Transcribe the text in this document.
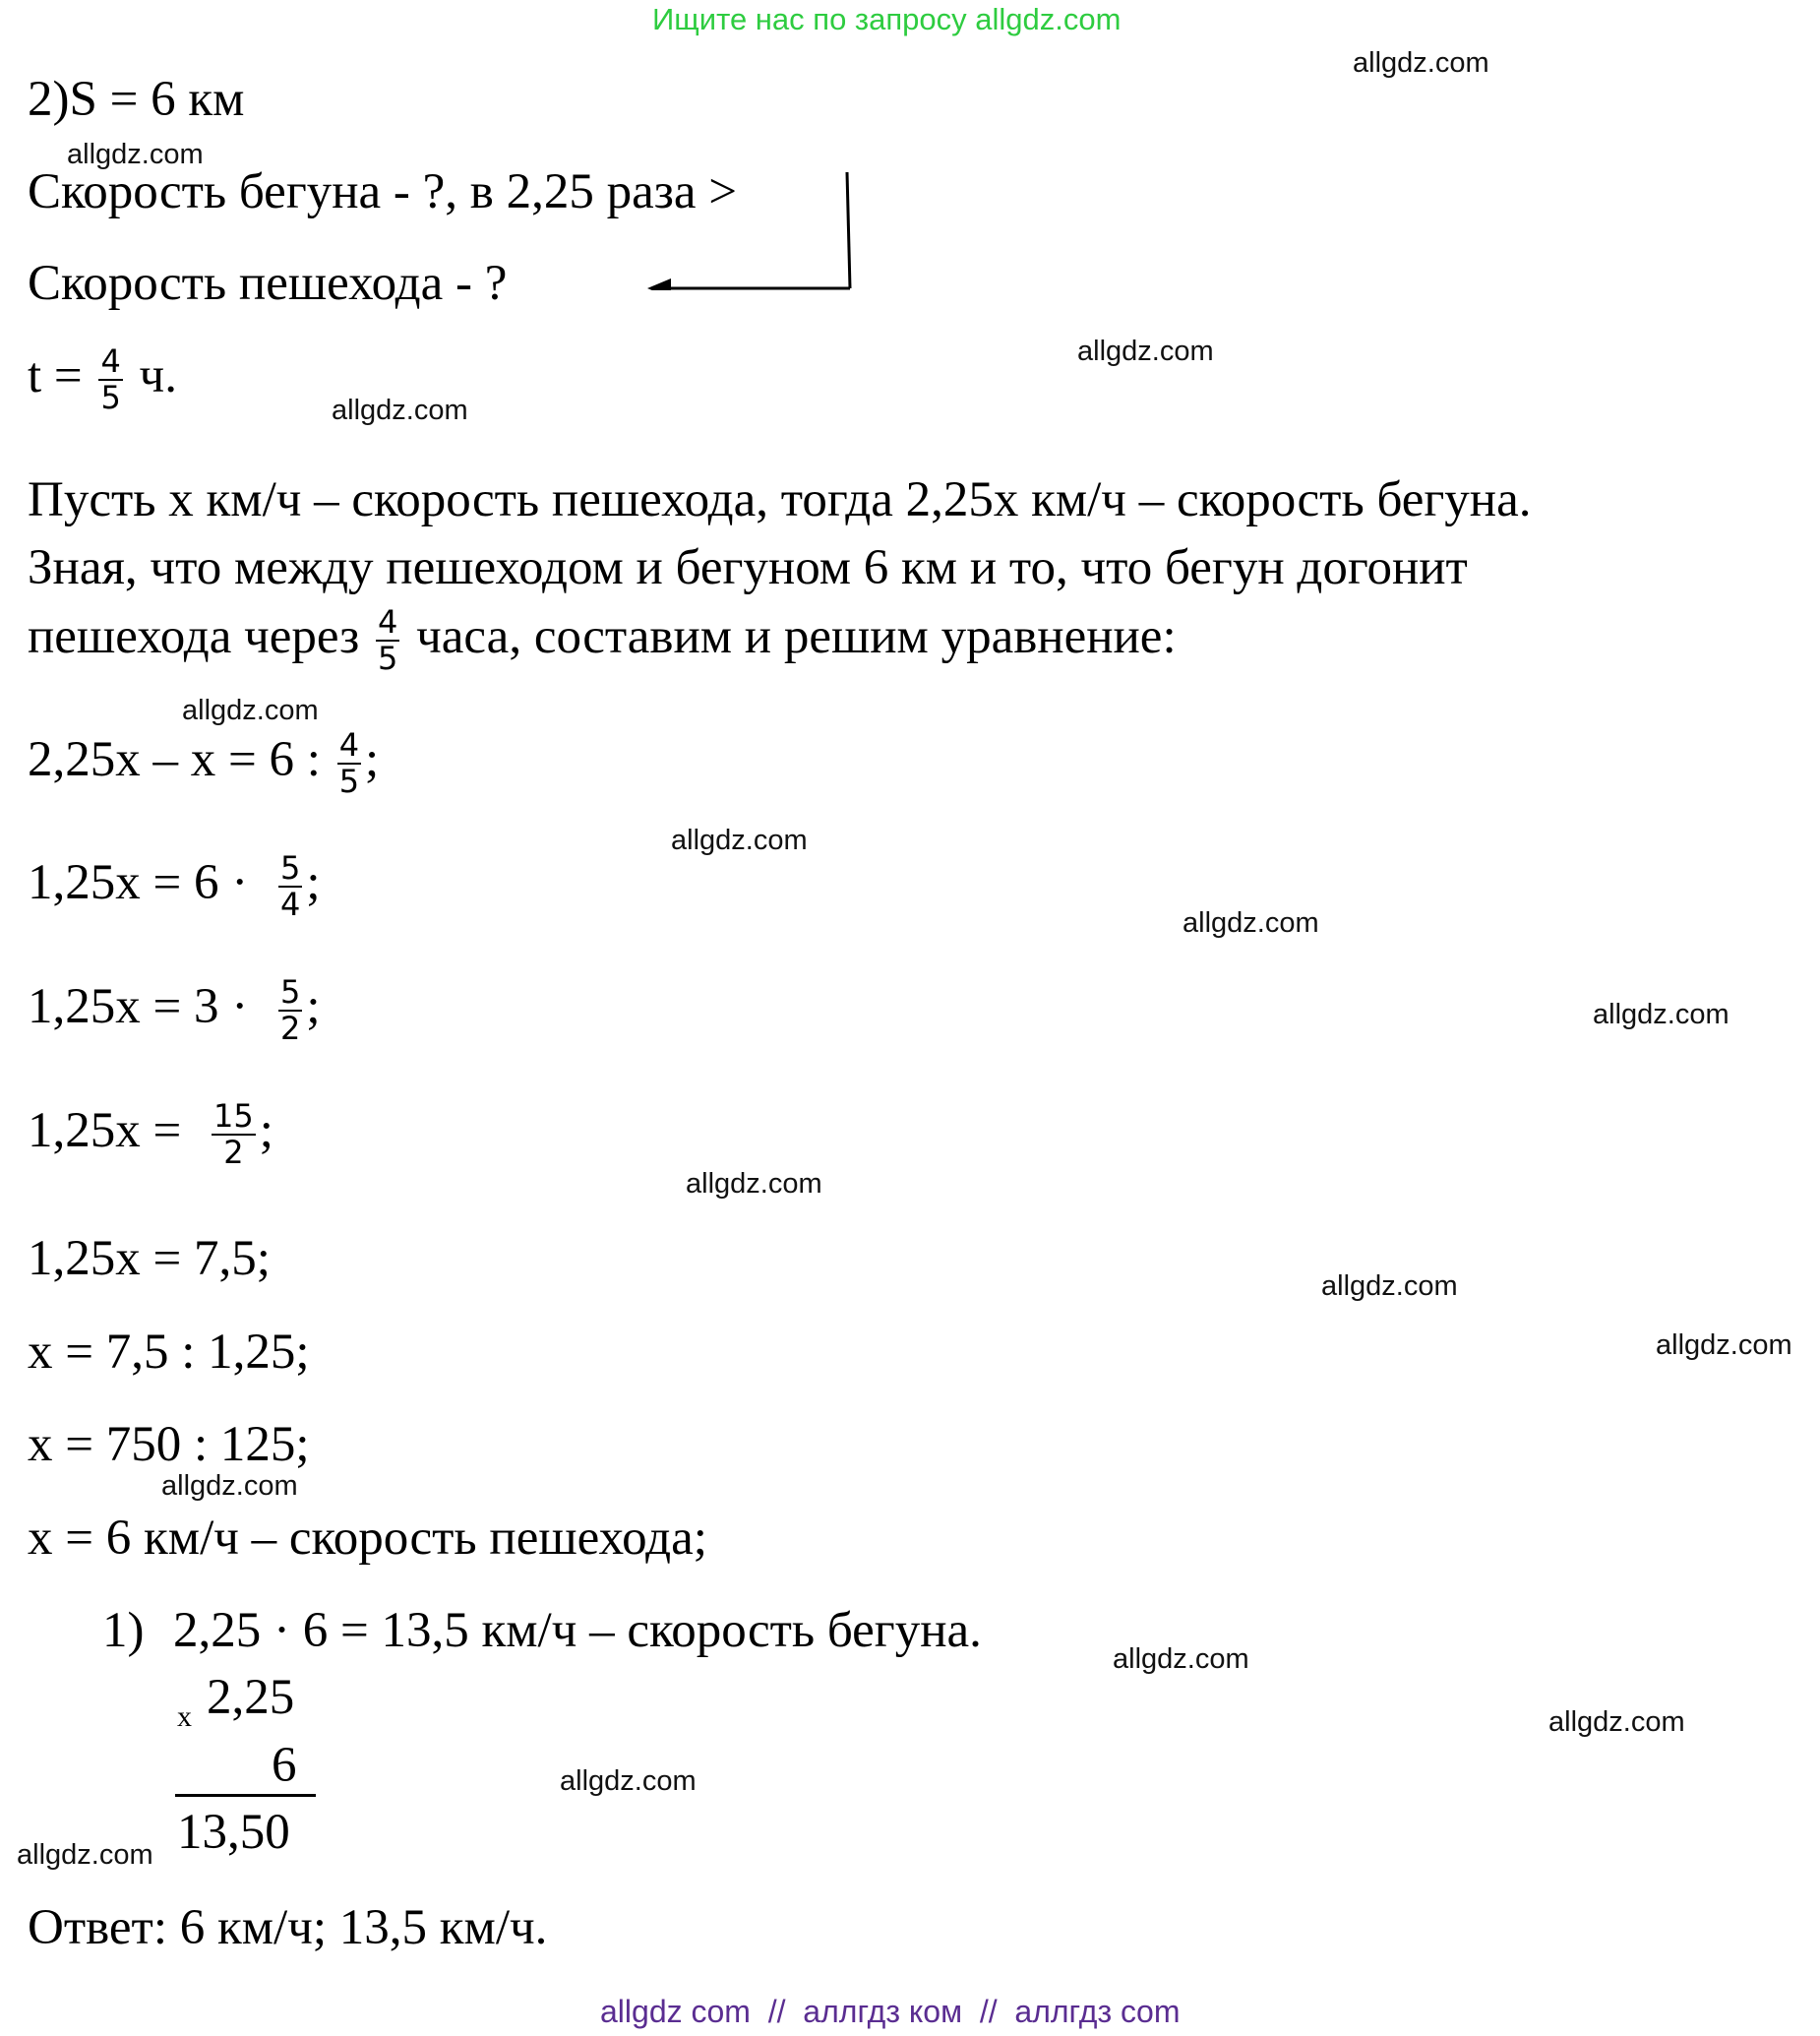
Ищите нас по запросу allgdz.com
2)S = 6 км
Скорость бегуна - ?, в 2,25 раза >
Скорость пешехода - ?
$t = \frac{4}{5} ч$.
Пусть x км/ч – скорость пешехода, тогда 2,25x км/ч – скорость бегуна.
Зная, что между пешеходом и бегуном 6 км и то, что бегун догонит
пешехода через $\frac{4}{5}$ часа, составим и решим уравнение:
2,25x – x = 6 : $\frac{4}{5}$ ;
$1,25x = 6 \cdot \frac{5}{4}$ ;
$1,25x = 3 \cdot \frac{5}{2}$ ;
$1,25x = \frac{15}{2}$ ;
1,25x = 7,5;
x = 7,5 : 1,25;
x = 750 : 125;
x = 6 км/ч – скорость пешехода;
1) 2,25 · 6 = 13,5 км/ч – скорость бегуна.
x 2,25
6
13,50
Ответ: 6 км/ч; 13,5 км/ч.
allgdz.com
allgdz.com
allgdz.com
allgdz.com
allgdz.com
allgdz.com
allgdz.com
allgdz.com
allgdz.com
allgdz.com
allgdz.com
allgdz.com
allgdz.com
allgdz.com
allgdz.com
allgdz.com
allgdz com  //  аллгдз ком  //  аллгдз com
